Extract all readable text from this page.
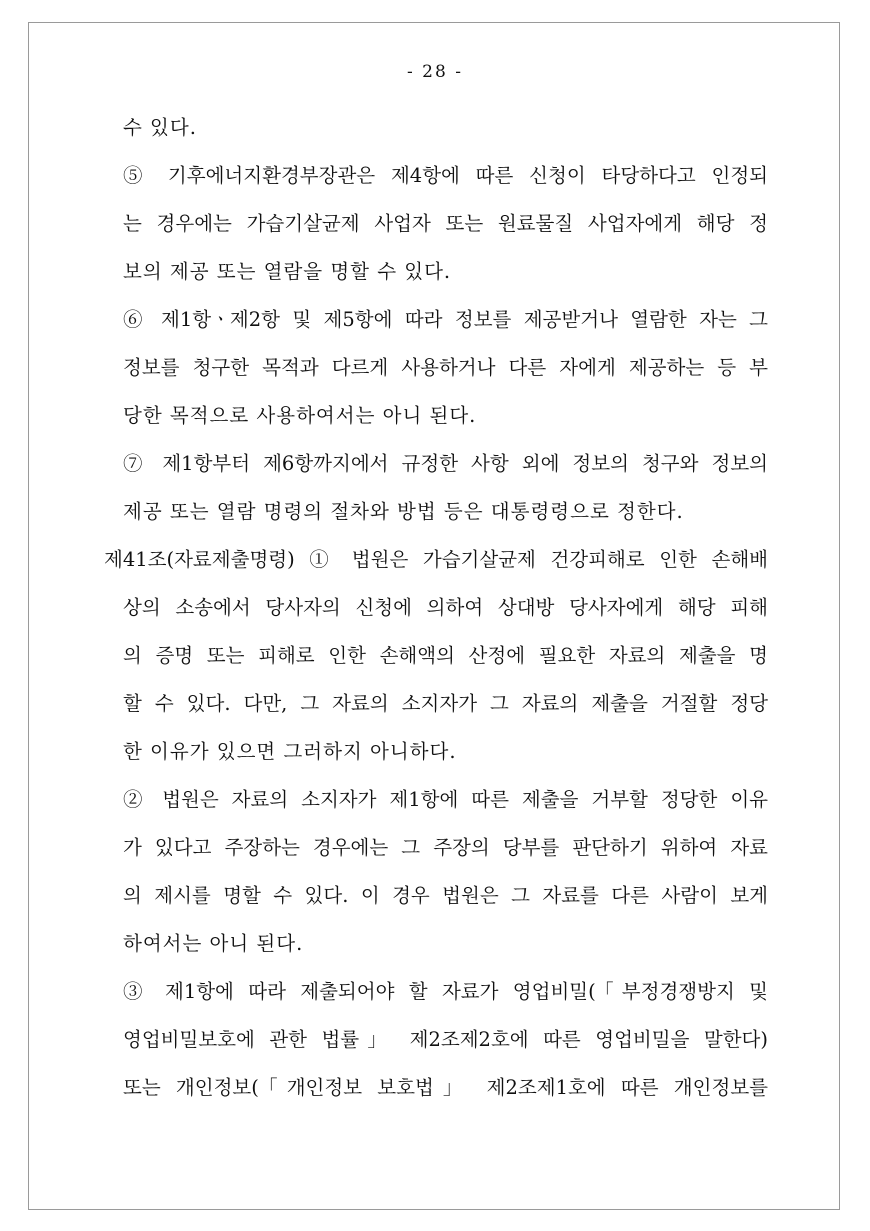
- 28 -
수 있다.
⑤ 기후에너지환경부장관은 제4항에 따른 신청이 타당하다고 인정되
는 경우에는 가습기살균제 사업자 또는 원료물질 사업자에게 해당 정
보의 제공 또는 열람을 명할 수 있다.
⑥ 제1항ㆍ제2항 및 제5항에 따라 정보를 제공받거나 열람한 자는 그
정보를 청구한 목적과 다르게 사용하거나 다른 자에게 제공하는 등 부
당한 목적으로 사용하여서는 아니 된다.
⑦ 제1항부터 제6항까지에서 규정한 사항 외에 정보의 청구와 정보의
제공 또는 열람 명령의 절차와 방법 등은 대통령령으로 정한다.
제41조(자료제출명령) ① 법원은 가습기살균제 건강피해로 인한 손해배
상의 소송에서 당사자의 신청에 의하여 상대방 당사자에게 해당 피해
의 증명 또는 피해로 인한 손해액의 산정에 필요한 자료의 제출을 명
할 수 있다. 다만, 그 자료의 소지자가 그 자료의 제출을 거절할 정당
한 이유가 있으면 그러하지 아니하다.
② 법원은 자료의 소지자가 제1항에 따른 제출을 거부할 정당한 이유
가 있다고 주장하는 경우에는 그 주장의 당부를 판단하기 위하여 자료
의 제시를 명할 수 있다. 이 경우 법원은 그 자료를 다른 사람이 보게
하여서는 아니 된다.
③ 제1항에 따라 제출되어야 할 자료가 영업비밀(「부정경쟁방지 및
영업비밀보호에 관한 법률」 제2조제2호에 따른 영업비밀을 말한다)
또는 개인정보(「개인정보 보호법」 제2조제1호에 따른 개인정보를
